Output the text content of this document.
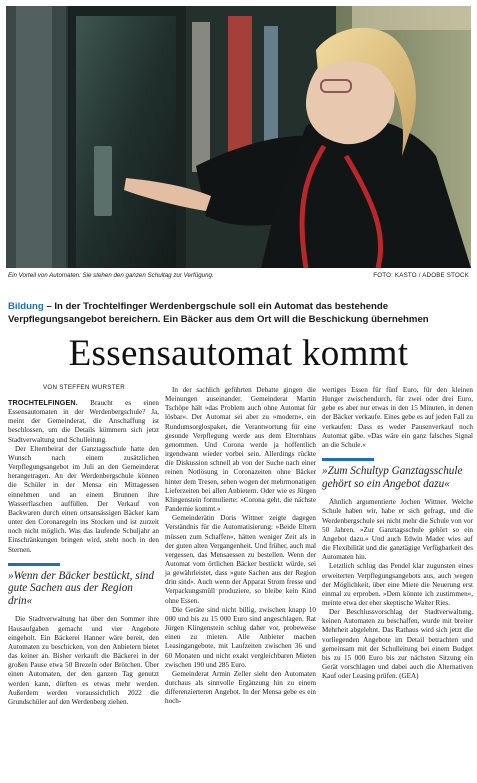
Ein Vorteil von Automaten: Sie stehen den ganzen Schultag zur Verfügung.	FOTO: KASTO / ADOBE STOCK
Bildung – In der Trochtelfinger Werdenbergschule soll ein Automat das bestehende Verpflegungsangebot bereichern. Ein Bäcker aus dem Ort will die Beschickung übernehmen
Essensautomat kommt
VON STEFFEN WURSTER

TROCHTELFINGEN. Braucht es einen Essensautomaten in der Werdenbergschule? Ja, meint der Gemeinderat, die Anschaffung ist beschlossen, um die Details kümmern sich jetzt Stadtverwaltung und Schulleitung.

Der Elternbeirat der Ganztagsschule hatte den Wunsch nach einem zusätzlichen Verpflegungsangebot im Juli an den Gemeinderat herangetragen. An der Werdenbergschule können die Schüler in der Mensa ein Mittagessen einnehmen und an einem Brunnen ihre Wasserflaschen auffüllen. Der Verkauf von Backwaren durch einen ortsansässigen Bäcker kam unter den Coronaregeln ins Stocken und ist zurzeit noch nicht möglich. Was das laufende Schuljahr an Einschränkungen bringen wird, steht noch in den Sternen.

»Wenn der Bäcker bestückt, sind gute Sachen aus der Region drin«

Die Stadtverwaltung hat über den Sommer ihre Hausaufgaben gemacht und vier Angebote eingeholt. Ein Bäckerei Hanner wäre bereit, den Automaten zu beschicken, von den Anbietern bietet das keiner an. Bisher verkauft die Bäckerei in der großen Pause etwa 50 Brezeln oder Brötchen. Über einen Automaten, der den ganzen Tag genutzt werden kann, dürften es etwas mehr werden. Außerdem werden voraussichtlich 2022 die Grundschüler auf den Werdenberg ziehen.

In der sachlich geführten Debatte gingen die Meinungen auseinander. Gemeinderat Martin Tschöpe hält »das Problem auch ohne Automat für lösbar«. Der Automat sei aber zu »modern«, ein Rundumsorglospaket, die Verantwortung für eine gesunde Verpflegung werde aus dem Elternhaus genommen. Und Corona werde ja hoffentlich irgendwann wieder vorbei sein. Allerdings rückte die Diskussion schnell ab von der Suche nach einer reinen Notlösung in Coronazeiten ohne Bäcker hinter dem Tresen, sehen wogen der mehrmonatigen Lieferzeiten bei allen Anbietern. Oder wie es Jürgen Klingenstein formulierte: »Corona geht, die nächste Pandemie kommt.«

Gemeinderätin Doris Wittner zeigte dagegen Verständnis für die Automatisierung: »Beide Eltern müssen zum Schaffen«, hätten weniger Zeit als in der guten alten Vergangenheit. Und früher, auch mal vergessen, das Mensaessen zu bestellen. Wenn der Automat vom örtlichen Bäcker bestückt würde, sei ja gewährleistet, dass »gute Sachen aus der Region drin sind«. Auch wenn der Apparat Strom fresse und Verpackungsmüll produziere, so bleibe kein Kind ohne Essen.

Die Geräte sind nicht billig, zwischen knapp 10 000 und bis zu 15 000 Euro sind angeschlagen. Rat Jürgen Klingenstein schlug daher vor, probeweise einen zu mieten. Alle Anbieter machen Leasingangebote, mit Laufzeiten zwischen 36 und 60 Monaten und nicht exakt vergleichbaren Mieten zwischen 190 und 285 Euro.

Gemeinderat Armin Zeller sieht den Automaten durchaus als sinnvolle Ergänzung hin zu einem differenzierteren Angebot. In der Mensa gebe es ein hoch-

wertiges Essen für fünf Euro, für den kleinen Hunger zwischendurch, für zwei oder drei Euro, gebe es aber nur etwas in den 15 Minuten, in denen der Bäcker verkaufe. Eines gebe es auf jeden Fall zu verkaufen: Dass es weder Pausenverkauf noch Automat gäbe. »Das wäre ein ganz falsches Signal an die Schule.«

»Zum Schultyp Ganztagsschule gehört so ein Angebot dazu«

Ähnlich argumentierte Jochen Wittner. Welche Schule haben wir, habe er sich gefragt, und die Werdenbergschule sei nicht mehr die Schule von vor 50 Jahren. »Zur Ganztagsschule gehört so ein Angebot dazu.« Und auch Edwin Mader wies auf die Flexibilität und die ganztägige Verfügbarkeit des Automaten hin.

Letztlich schlug das Pendel klar zugunsten eines erweiterten Verpflegungsangebots aus, auch wegen der Möglichkeit, über eine Miete die Neuerung erst einmal zu erproben. »Dem könnte ich zustimmen«, meinte etwa der eher skeptische Walter Ries.

Der Beschlussvorschlag der Stadtverwaltung, keinen Automaten zu beschaffen, wurde mit breiter Mehrheit abgelehnt. Das Rathaus wird sich jetzt die vorliegenden Angebote im Detail betrachten und gemeinsam mit der Schulleitung bei einem Budget bis zu 15 000 Euro bis zur nächsten Sitzung ein Gerät vorschlagen und dabei auch die Alternativen Kauf oder Leasing prüfen. (GEA)
